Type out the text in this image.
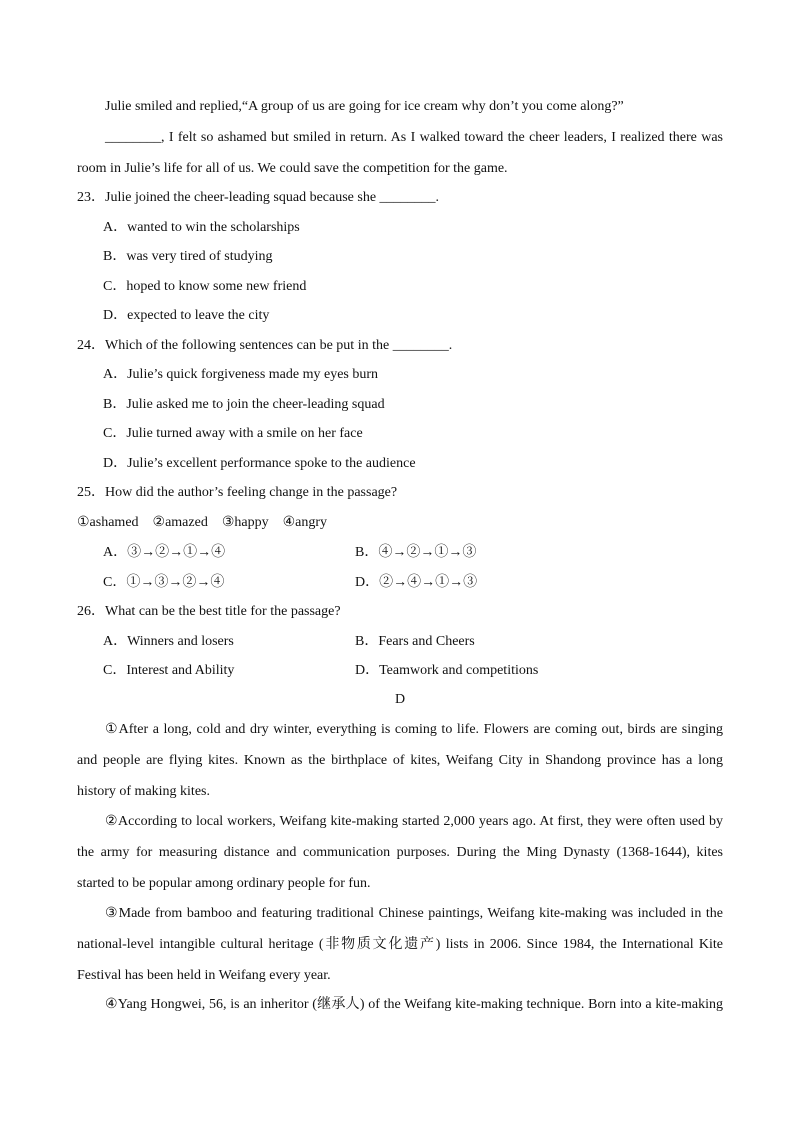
Julie smiled and replied,“A group of us are going for ice cream why don’t you come along?”
________, I felt so ashamed but smiled in return. As I walked toward the cheer leaders, I realized there was
room in Julie’s life for all of us. We could save the competition for the game.
23．Julie joined the cheer-leading squad because she ________.
A．wanted to win the scholarships
B．was very tired of studying
C．hoped to know some new friend
D．expected to leave the city
24．Which of the following sentences can be put in the ________.
A．Julie’s quick forgiveness made my eyes burn
B．Julie asked me to join the cheer-leading squad
C．Julie turned away with a smile on her face
D．Julie’s excellent performance spoke to the audience
25．How did the author’s feeling change in the passage?
①ashamed    ②amazed    ③happy    ④angry
A．③→②→①→④	B．④→②→①→③
C．①→③→②→④	D．②→④→①→③
26．What can be the best title for the passage?
A．Winners and losers	B．Fears and Cheers
C．Interest and Ability	D．Teamwork and competitions
D
①After a long, cold and dry winter, everything is coming to life. Flowers are coming out, birds are singing
and people are flying kites. Known as the birthplace of kites, Weifang City in Shandong province has a long
history of making kites.
②According to local workers, Weifang kite-making started 2,000 years ago. At first, they were often used by
the army for measuring distance and communication purposes. During the Ming Dynasty (1368-1644), kites
started to be popular among ordinary people for fun.
③Made from bamboo and featuring traditional Chinese paintings, Weifang kite-making was included in the
national-level intangible cultural heritage (非物质文化遗产) lists in 2006. Since 1984, the International Kite
Festival has been held in Weifang every year.
④Yang Hongwei, 56, is an inheritor (继承人) of the Weifang kite-making technique. Born into a kite-making
